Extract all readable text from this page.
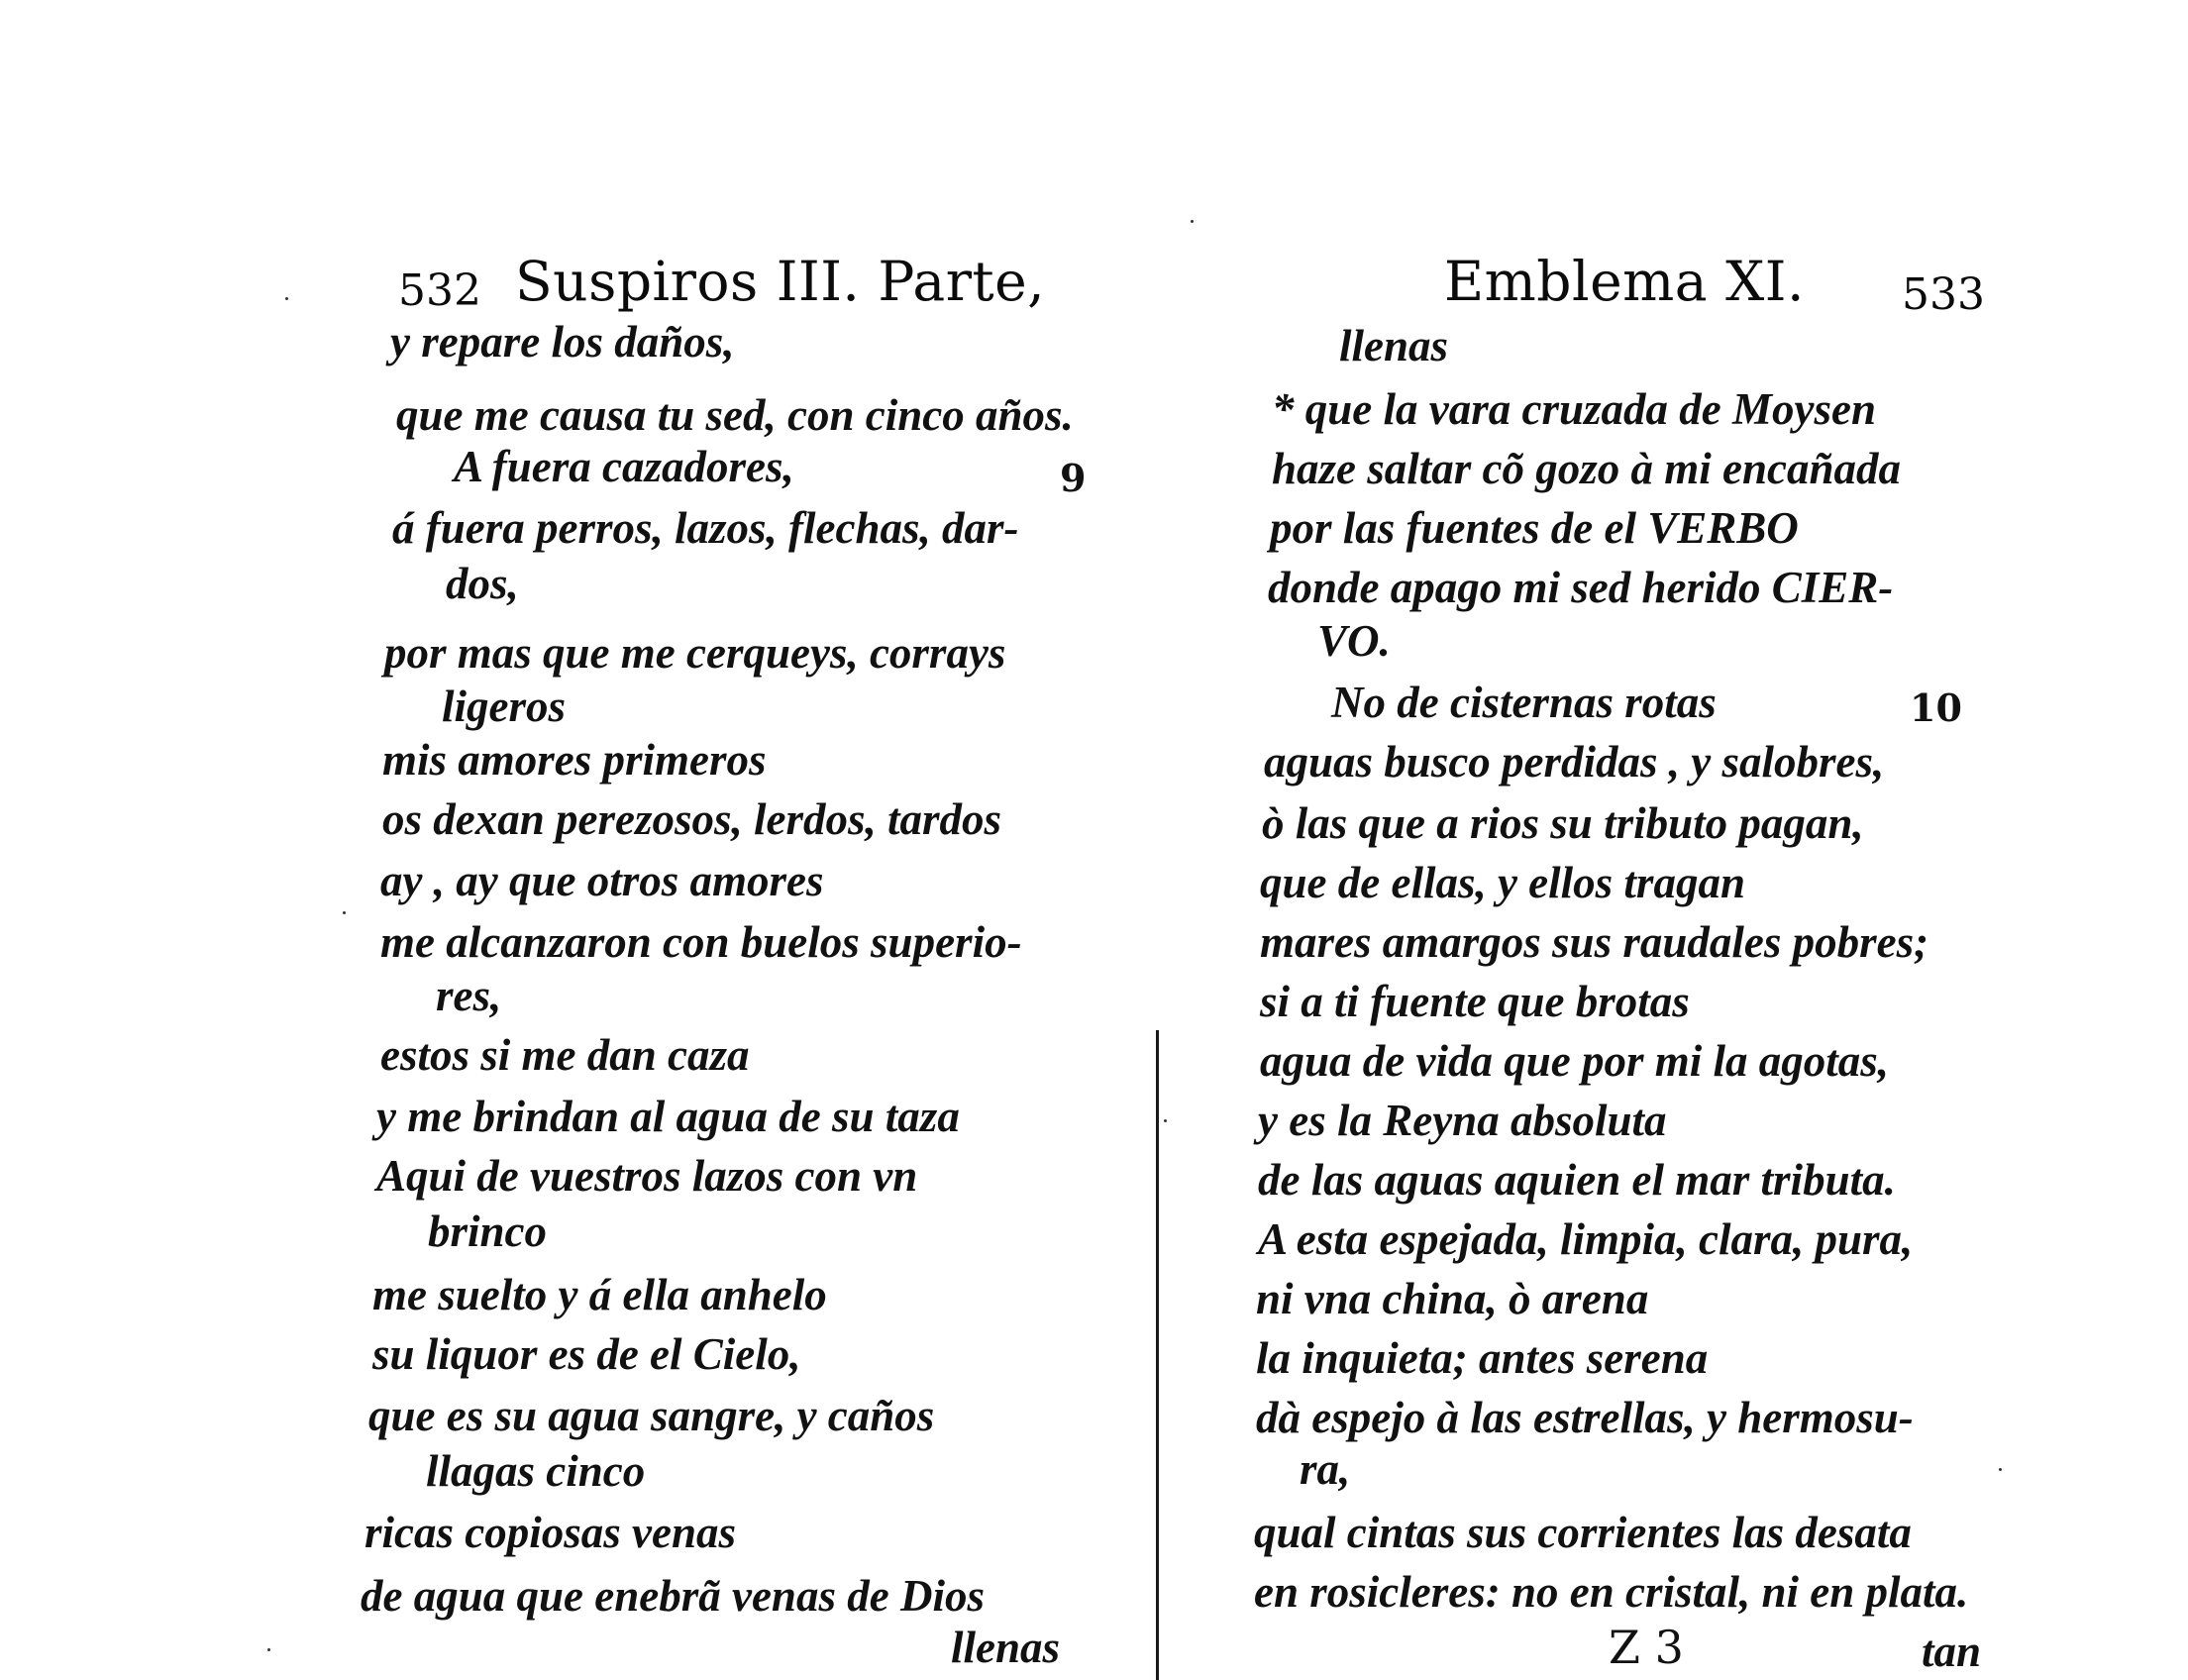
532 Suspiros III. Parte,
y repare los daños,
que me causa tu sed, con cinco años.
A fuera cazadores,	9
á fuera perros, lazos, flechas, dar-
dos,
por mas que me cerqueys, corrays
ligeros
mis amores primeros
os dexan perezosos, lerdos, tardos
ay , ay que otros amores
me alcanzaron con buelos superio-
res,
estos si me dan caza
y me brindan al agua de su taza
Aqui de vuestros lazos con vn
brinco
me suelto y á ella anhelo
su liquor es de el Cielo,
que es su agua sangre, y caños
llagas cinco
ricas copiosas venas
de agua que enebrã venas de Dios
llenas
Emblema XI. 533
llenas
* que la vara cruzada de Moysen
haze saltar cõ gozo à mi encañada
por las fuentes de el VERBO
donde apago mi sed herido CIER-
VO.
No de cisternas rotas	10
aguas busco perdidas , y salobres,
ò las que a rios su tributo pagan,
que de ellas, y ellos tragan
mares amargos sus raudales pobres;
si a ti fuente que brotas
agua de vida que por mi la agotas,
y es la Reyna absoluta
de las aguas aquien el mar tributa.
A esta espejada, limpia, clara, pura,
ni vna china, ò arena
la inquieta; antes serena
dà espejo à las estrellas, y hermosu-
ra,
qual cintas sus corrientes las desata
en rosicleres: no en cristal, ni en plata.
Z 3	tan
